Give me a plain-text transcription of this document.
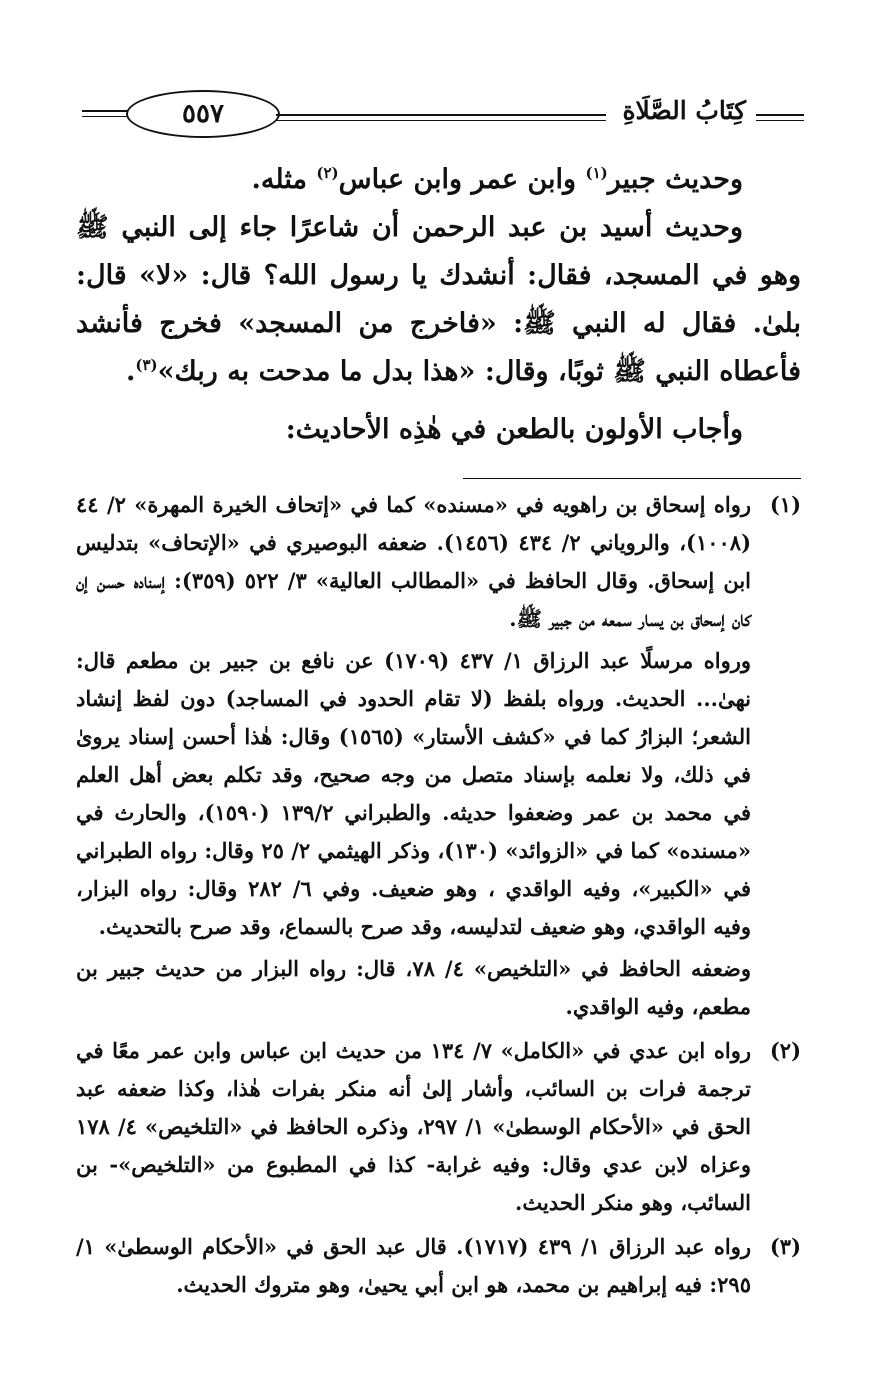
٥٥٧	كِتَابُ الصَّلَاةِ

وحديث جبير$^{(١)}$ وابن عمر وابن عباس$^{(٢)}$ مثله.

وحديث أسيد بن عبد الرحمن أن شاعرًا جاء إلى النبي ﷺ وهو في المسجد، فقال: أنشدك يا رسول الله؟ قال: «لا» قال: بلىٰ. فقال له النبي ﷺ: «فاخرج من المسجد» فخرج فأنشد فأعطاه النبي ﷺ ثوبًا، وقال: «هذا بدل ما مدحت به ربك»$^{(٣)}$.

وأجاب الأولون بالطعن في هٰذِه الأحاديث:

(١)

رواه إسحاق بن راهويه في «مسنده» كما في «إتحاف الخيرة المهرة» ٢/ ٤٤ (١٠٠٨)، والروياني ٢/ ٤٣٤ (١٤٥٦). ضعفه البوصيري في «الإتحاف» بتدليس ابن إسحاق. وقال الحافظ في «المطالب العالية» ٣/ ٥٢٢ (٣٥٩): إسناده حسن إن كان إسحاق بن يسار سمعه من جبير ﷺ.

ورواه مرسلًا عبد الرزاق ١/ ٤٣٧ (١٧٠٩) عن نافع بن جبير بن مطعم قال: نهىٰ... الحديث. ورواه بلفظ (لا تقام الحدود في المساجد) دون لفظ إنشاد الشعر؛ البزارُ كما في «كشف الأستار» (١٥٦٥) وقال: هٰذا أحسن إسناد يروىٰ في ذلك، ولا نعلمه بإسناد متصل من وجه صحيح، وقد تكلم بعض أهل العلم في محمد بن عمر وضعفوا حديثه. والطبراني ١٣٩/٢ (١٥٩٠)، والحارث في «مسنده» كما في «الزوائد» (١٣٠)، وذكر الهيثمي ٢/ ٢٥ وقال: رواه الطبراني في «الكبير»، وفيه الواقدي ، وهو ضعيف. وفي ٦/ ٢٨٢ وقال: رواه البزار، وفيه الواقدي، وهو ضعيف لتدليسه، وقد صرح بالسماع، وقد صرح بالتحديث.

وضعفه الحافظ في «التلخيص» ٤/ ٧٨، قال: رواه البزار من حديث جبير بن مطعم، وفيه الواقدي.

(٢)

رواه ابن عدي في «الكامل» ٧/ ١٣٤ من حديث ابن عباس وابن عمر معًا في ترجمة فرات بن السائب، وأشار إلىٰ أنه منكر بفرات هٰذا، وكذا ضعفه عبد الحق في «الأحكام الوسطىٰ» ١/ ٢٩٧، وذكره الحافظ في «التلخيص» ٤/ ١٧٨ وعزاه لابن عدي وقال: وفيه غرابة- كذا في المطبوع من «التلخيص»- بن السائب، وهو منكر الحديث.

(٣)

رواه عبد الرزاق ١/ ٤٣٩ (١٧١٧). قال عبد الحق في «الأحكام الوسطىٰ» ١/ ٢٩٥: فيه إبراهيم بن محمد، هو ابن أبي يحيىٰ، وهو متروك الحديث.
